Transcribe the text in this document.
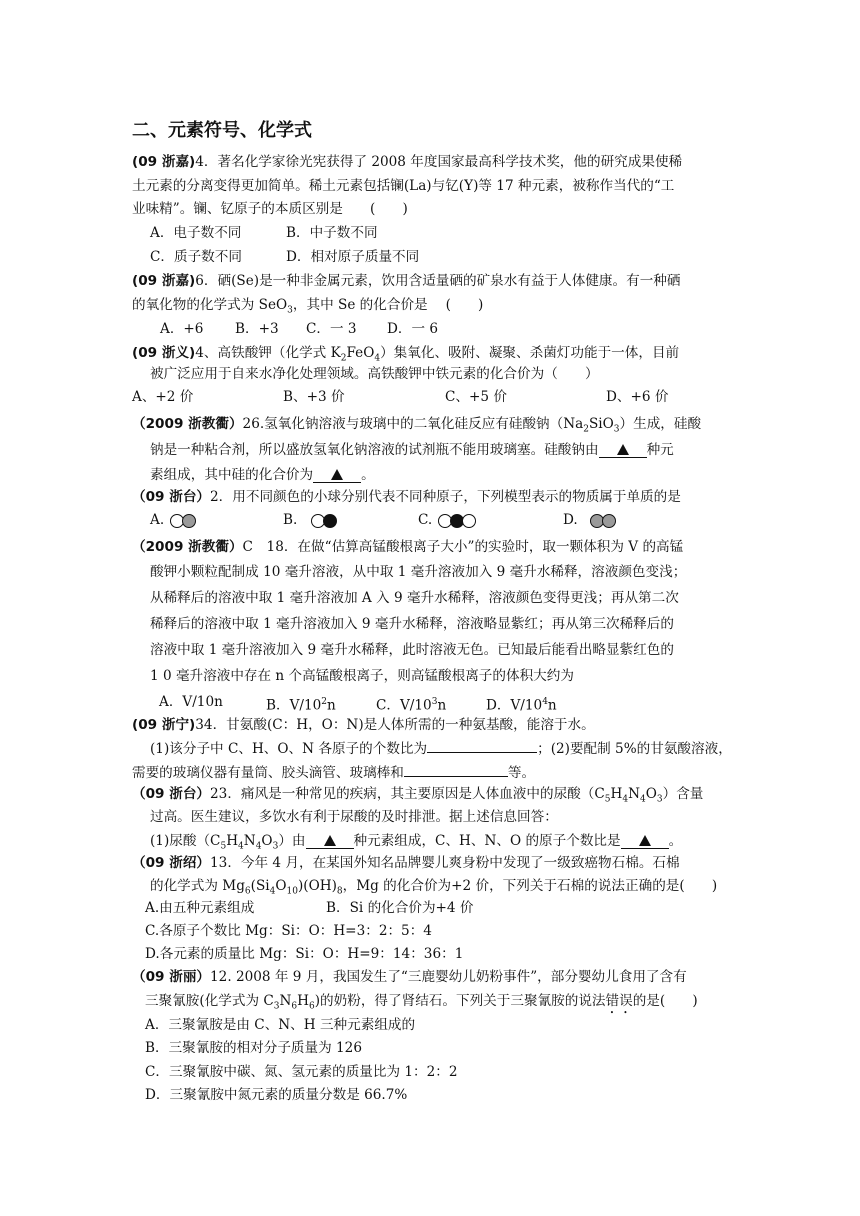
二、元素符号、化学式
(09 浙嘉)4．著名化学家徐光宪获得了 2008 年度国家最高科学技术奖，他的研究成果使稀
土元素的分离变得更加简单。稀土元素包括镧(La)与钇(Y)等 17 种元素，被称作当代的“工
业味精”。镧、钇原子的本质区别是　　(　　)
A．电子数不同	B．中子数不同
C．质子数不同	D．相对原子质量不同
(09 浙嘉)6．硒(Se)是一种非金属元素，饮用含适量硒的矿泉水有益于人体健康。有一种硒
的氧化物的化学式为 SeO$_3$，其中 Se 的化合价是　 (　　)
A．+6 B．+3 C．一 3 D．一 6
(09 浙义)4、高铁酸钾（化学式 $K_2FeO_4$）集氧化、吸附、凝聚、杀菌灯功能于一体，目前
被广泛应用于自来水净化处理领域。高铁酸钾中铁元素的化合价为（　　）
A、+2 价	B、+3 价	C、+5 价	D、+6 价
（2009 浙教衢）26.氢氧化钠溶液与玻璃中的二氧化硅反应有硅酸钠$(Na_2SiO_3)$生成，硅酸
钠是一种粘合剂，所以盛放氢氧化钠溶液的试剂瓶不能用玻璃塞。硅酸钠由	种元
素组成，其中硅的化合价为	。
（09 浙台）2．用不同颜色的小球分别代表不同种原子，下列模型表示的物质属于单质的是
A.	B.	C.	D.
（2009 浙教衢）C　18．在做“估算高锰酸根离子大小”的实验时，取一颗体积为 V 的高锰
酸钾小颗粒配制成 10 毫升溶液，从中取 1 毫升溶液加入 9 毫升水稀释，溶液颜色变浅；
从稀释后的溶液中取 1 毫升溶液加 A 入 9 毫升水稀释，溶液颜色变得更浅；再从第二次
稀释后的溶液中取 1 毫升溶液加入 9 毫升水稀释，溶液略显紫红；再从第三次稀释后的
溶液中取 1 毫升溶液加入 9 毫升水稀释，此时溶液无色。已知最后能看出略显紫红色的
1 0 毫升溶液中存在 n 个高锰酸根离子，则高锰酸根离子的体积大约为
A．V/10n	B．$V/10^2n$	C．$V/10^3n$	D．$V/10^4n$
(09 浙宁)34．甘氨酸(C：H，O：N)是人体所需的一种氨基酸，能溶于水。
(1)该分子中 C、H、O、N 各原子的个数比为	；(2)要配制 5%的甘氨酸溶液，
需要的玻璃仪器有量筒、胶头滴管、玻璃棒和	等。
（09 浙台）23．痛风是一种常见的疾病，其主要原因是人体血液中的尿酸$(C_5H_4N_4O_3)$含量
过高。医生建议，多饮水有利于尿酸的及时排泄。据上述信息回答：
(1)尿酸$(C_5H_4N_4O_3)$由	种元素组成，C、H、N、O 的原子个数比是	。
（09 浙绍）13．今年 4 月，在某国外知名品牌婴儿爽身粉中发现了一级致癌物石棉。石棉
的化学式为 $Mg_6(Si_4O_{10})(OH)_8$，Mg 的化合价为+2 价，下列关于石棉的说法正确的是(　　)
A.由五种元素组成	B．Si 的化合价为+4 价
C.各原子个数比 Mg：Si：O：H=3：2：5：4
D.各元素的质量比 Mg：Si：O：H=9：14：36：1
（09 浙丽）12. 2008 年 9 月，我国发生了“三鹿婴幼儿奶粉事件”，部分婴幼儿食用了含有
三聚氰胺(化学式为 $C_3N_6H_6$)的奶粉，得了肾结石。下列关于三聚氰胺的说法错误的是(　　)
A．三聚氰胺是由 C、N、H 三种元素组成的
B．三聚氰胺的相对分子质量为 126
C．三聚氰胺中碳、氮、氢元素的质量比为 1：2：2
D．三聚氰胺中氮元素的质量分数是 66.7%
